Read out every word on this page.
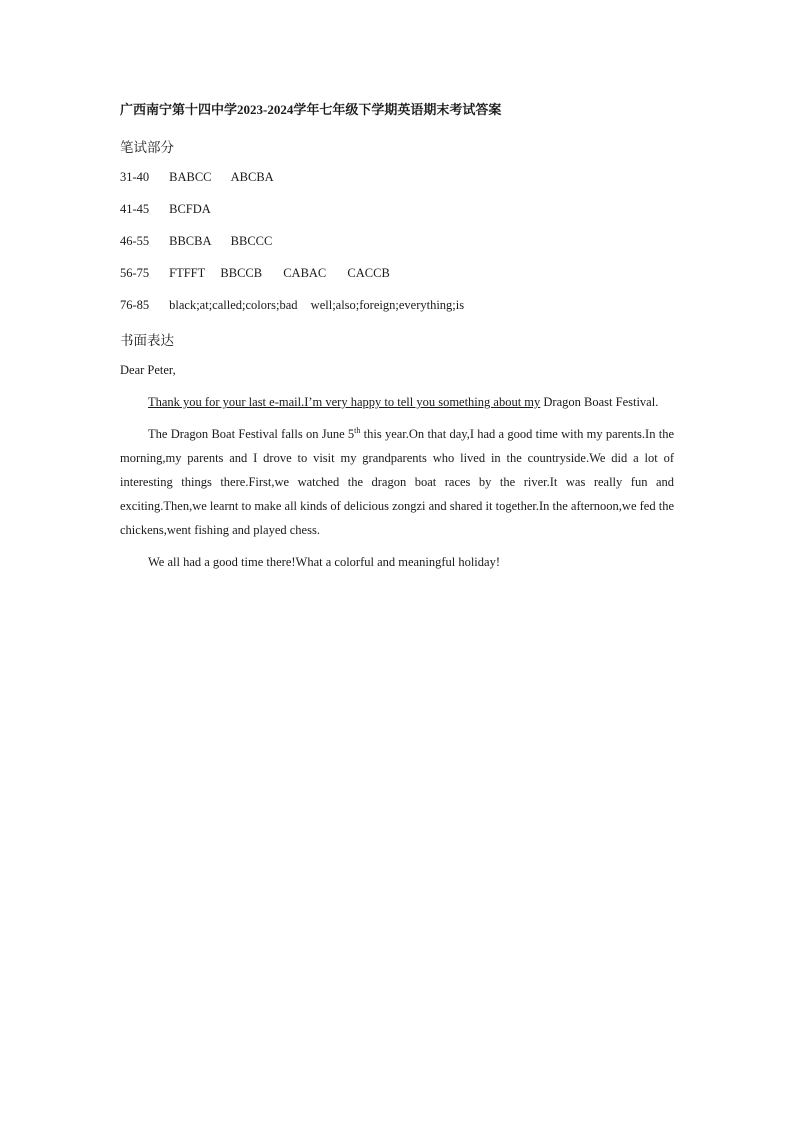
广西南宁第十四中学2023-2024学年七年级下学期英语期末考试答案
笔试部分
31-40 BABCC ABCBA
41-45 BCFDA
46-55 BBCBA BBCCC
56-75 FTFFT BBCCB CABAC CACCB
76-85 black;at;called;colors;bad well;also;foreign;everything;is
书面表达

Dear Peter,

Thank you for your last e-mail.I’m very happy to tell you something about my Dragon Boast Festival.

The Dragon Boat Festival falls on June 5th this year.On that day,I had a good time with my parents.In the morning,my parents and I drove to visit my grandparents who lived in the countryside.We did a lot of interesting things there.First,we watched the dragon boat races by the river.It was really fun and exciting.Then,we learnt to make all kinds of delicious zongzi and shared it together.In the afternoon,we fed the chickens,went fishing and played chess.

We all had a good time there!What a colorful and meaningful holiday!
